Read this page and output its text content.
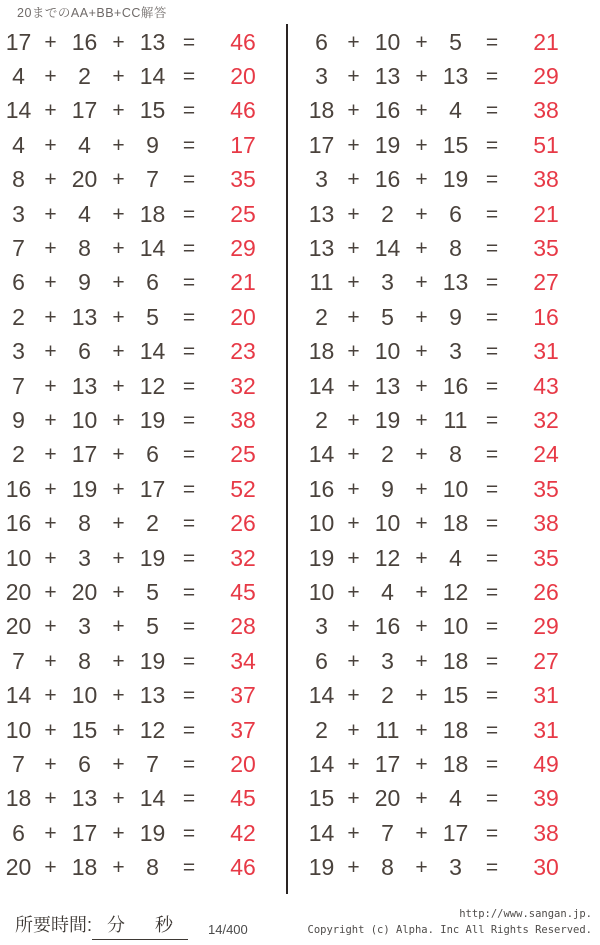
20までのAA+BB+CC解答
17 + 16 + 13 =	46
4 + 2	+ 14 =	20
14 + 17 + 15 =	46
4 + 4	+ 9	=	17
8 + 20 + 7	=	35
3 + 4	+ 18 =	25
7 + 8	+ 14 =	29
6 + 9	+ 6	=	21
2 + 13 + 5	=	20
3 + 6	+ 14 =	23
7 + 13 + 12 =	32
9 + 10 + 19 =	38
2 + 17 + 6	=	25
16 + 19 + 17 =	52
16 + 8	+ 2	=	26
10 + 3	+ 19 =	32
20 + 20 + 5	=	45
20 + 3	+ 5	=	28
7 + 8	+ 19 =	34
14 + 10 + 13 =	37
10 + 15 + 12 =	37
7 + 6	+ 7	=	20
18 + 13 + 14 =	45
6 + 17 + 19 =	42
20 + 18 + 8	=	46
6 + 10 + 5	=	21
3 + 13 + 13 =	29
18 + 16 + 4	=	38
17 + 19 + 15 =	51
3 + 16 + 19 =	38
13 + 2	+ 6	=	21
13 + 14 + 8	=	35
11 + 3	+ 13 =	27
2 + 5	+ 9	=	16
18 + 10 + 3	=	31
14 + 13 + 16 =	43
2 + 19 + 11 =	32
14 + 2	+ 8	=	24
16 + 9	+ 10 =	35
10 + 10 + 18 =	38
19 + 12 + 4	=	35
10 + 4	+ 12 =	26
3 + 16 + 10 =	29
6 + 3	+ 18 =	27
14 + 2	+ 15 =	31
2 + 11 + 18 =	31
14 + 17 + 18 =	49
15 + 20 + 4	=	39
14 + 7	+ 17 =	38
19 + 8	+ 3	=	30
所要時間: 分 秒	14/400
http://www.sangan.jp.
Copyright (c) Alpha. Inc All Rights Reserved.
